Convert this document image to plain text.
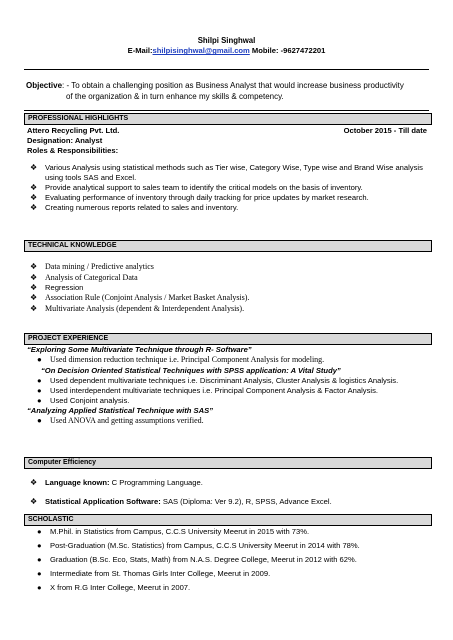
Shilpi Singhwal
E-Mail:shilpisinghwal@gmail.com Mobile: -9627472201
Objective : - To obtain a challenging position as Business Analyst that would increase business productivity
of the organization & in turn enhance my skills & competency.
PROFESSIONAL HIGHLIGHTS
Attero Recycling Pvt. Ltd.	October 2015 - Till date
Designation: Analyst
Roles & Responsibilities:
❖ Various Analysis using statistical methods such as Tier wise, Category Wise, Type wise and Brand Wise analysis using tools SAS and Excel.
❖ Provide analytical support to sales team to identify the critical models on the basis of inventory.
❖ Evaluating performance of inventory through daily tracking for price updates by market research.
❖ Creating numerous reports related to sales and inventory.
TECHNICAL KNOWLEDGE
❖ Data mining / Predictive analytics
❖ Analysis of Categorical Data
❖ Regression
❖ Association Rule (Conjoint Analysis / Market Basket Analysis).
❖ Multivariate Analysis (dependent & Interdependent Analysis).
PROJECT EXPERIENCE
“Exploring Some Multivariate Technique through R- Software”
● Used dimension reduction technique i.e. Principal Component Analysis for modeling.
“On Decision Oriented Statistical Techniques with SPSS application: A Vital Study”
● Used dependent multivariate techniques i.e. Discriminant Analysis, Cluster Analysis & logistics Analysis.
● Used interdependent multivariate techniques i.e. Principal Component Analysis & Factor Analysis.
● Used Conjoint analysis.
“Analyzing Applied Statistical Technique with SAS”
● Used ANOVA and getting assumptions verified.
Computer Efficiency
❖ Language known: C Programming Language.
❖ Statistical Application Software: SAS (Diploma: Ver 9.2), R, SPSS, Advance Excel.
SCHOLASTIC
● M.Phil. in Statistics from Campus, C.C.S University Meerut in 2015 with 73%.
● Post-Graduation (M.Sc. Statistics) from Campus, C.C.S University Meerut in 2014 with 78%.
● Graduation (B.Sc. Eco, Stats, Math) from N.A.S. Degree College, Meerut in 2012 with 62%.
● Intermediate from St. Thomas Girls Inter College, Meerut in 2009.
● X from R.G Inter College, Meerut in 2007.
